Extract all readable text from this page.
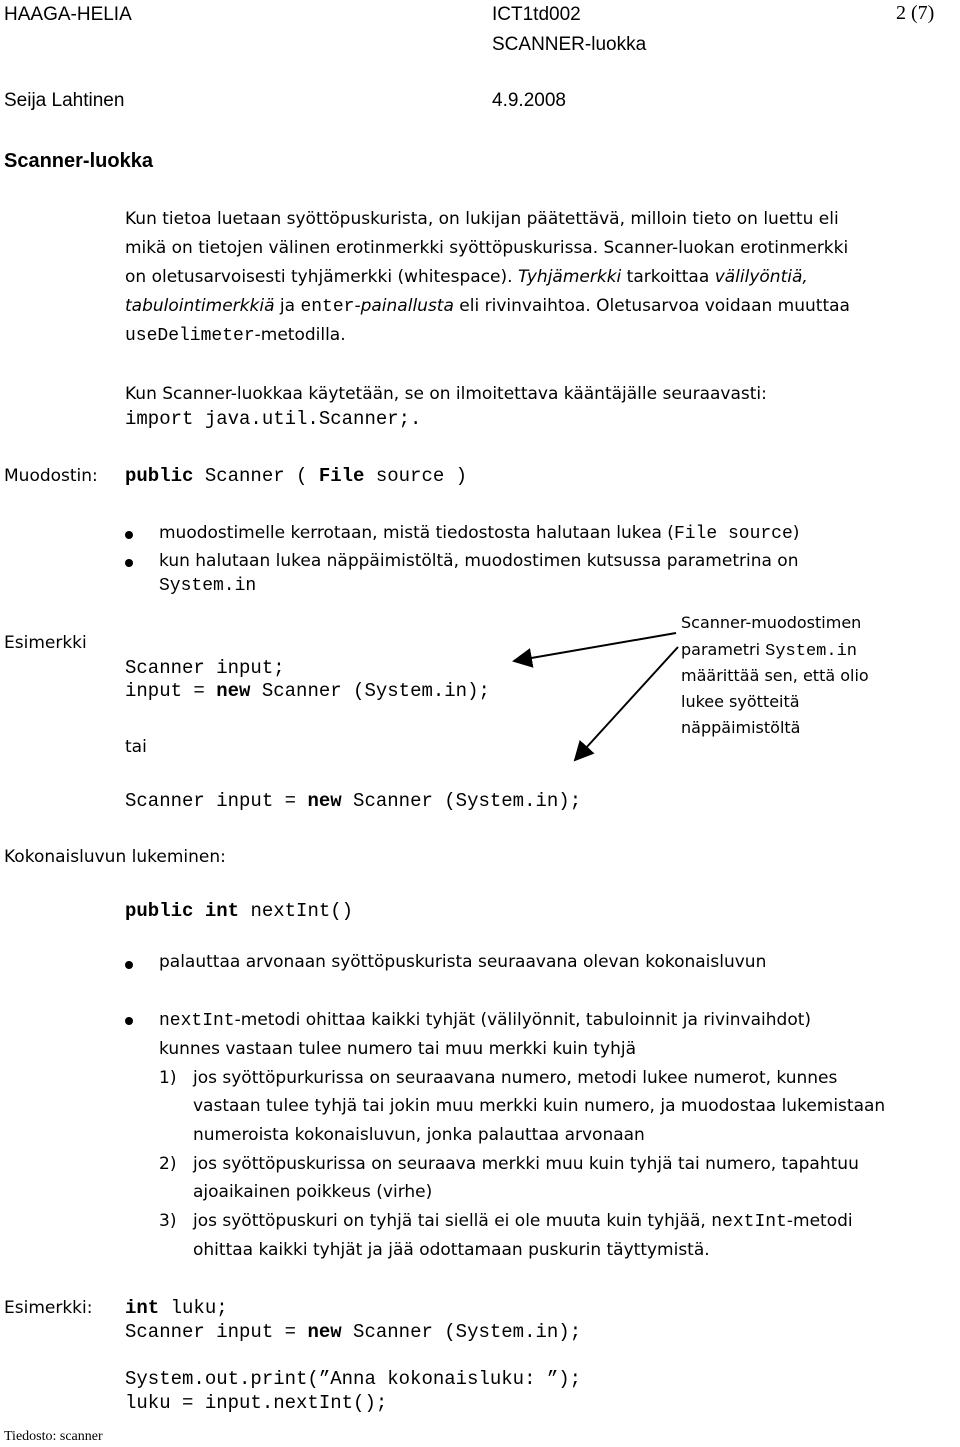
HAAGA-HELIA	ICT1td002	2 (7)
SCANNER-luokka
Seija Lahtinen	4.9.2008
Scanner-luokka
Kun tietoa luetaan syöttöpuskurista, on lukijan päätettävä, milloin tieto on luettu eli
mikä on tietojen välinen erotinmerkki syöttöpuskurissa. Scanner-luokan erotinmerkki
on oletusarvoisesti tyhjämerkki (whitespace). Tyhjämerkki tarkoittaa välilyöntiä,
tabulointimerkkiä ja enter-painallusta eli rivinvaihtoa. Oletusarvoa voidaan muuttaa
useDelimeter-metodilla.
Kun Scanner-luokkaa käytetään, se on ilmoitettava kääntäjälle seuraavasti:
import java.util.Scanner;.
Muodostin: public Scanner ( File source )
muodostimelle kerrotaan, mistä tiedostosta halutaan lukea (File source)
kun halutaan lukea näppäimistöltä, muodostimen kutsussa parametrina on
System.in
Esimerkki
Scanner input;
input = new Scanner (System.in);
tai
Scanner input = new Scanner (System.in);
Scanner-muodostimen
parametri System.in
määrittää sen, että olio
lukee syötteitä
näppäimistöltä
Kokonaisluvun lukeminen:
public int nextInt()
palauttaa arvonaan syöttöpuskurista seuraavana olevan kokonaisluvun
nextInt-metodi ohittaa kaikki tyhjät (välilyönnit, tabuloinnit ja rivinvaihdot)
kunnes vastaan tulee numero tai muu merkki kuin tyhjä
1) jos syöttöpurkurissa on seuraavana numero, metodi lukee numerot, kunnes
vastaan tulee tyhjä tai jokin muu merkki kuin numero, ja muodostaa lukemistaan
numeroista kokonaisluvun, jonka palauttaa arvonaan
2) jos syöttöpuskurissa on seuraava merkki muu kuin tyhjä tai numero, tapahtuu
ajoaikainen poikkeus (virhe)
3) jos syöttöpuskuri on tyhjä tai siellä ei ole muuta kuin tyhjää, nextInt-metodi
ohittaa kaikki tyhjät ja jää odottamaan puskurin täyttymistä.
Esimerkki: int luku;
Scanner input = new Scanner (System.in);
System.out.print(”Anna kokonaisluku: ”);
luku = input.nextInt();
Tiedosto: scanner
